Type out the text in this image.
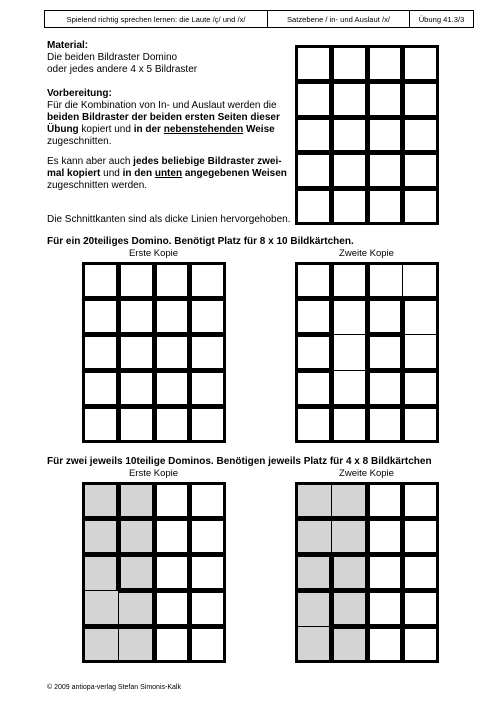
Spielend richtig sprechen lernen: die Laute /ç/ und /x/	Satzebene / in- und Auslaut /x/	Übung 41.3/3
Material:
Die beiden Bildraster Domino
oder jedes andere 4 x 5 Bildraster
Vorbereitung:
Für die Kombination von In- und Auslaut werden die
beiden Bildraster der beiden ersten Seiten dieser
Übung kopiert und in der nebenstehenden Weise
zugeschnitten.
Es kann aber auch jedes beliebige Bildraster zwei-
mal kopiert und in den unten angegebenen Weisen
zugeschnitten werden.
Die Schnittkanten sind als dicke Linien hervorgehoben.
Für ein 20teiliges Domino. Benötigt Platz für 8 x 10 Bildkärtchen.
Erste Kopie	Zweite Kopie
Für zwei jeweils 10teilige Dominos. Benötigen jeweils Platz für 4 x 8 Bildkärtchen
Erste Kopie	Zweite Kopie
© 2009 antiopa-verlag Stefan Simonis-Kalk
